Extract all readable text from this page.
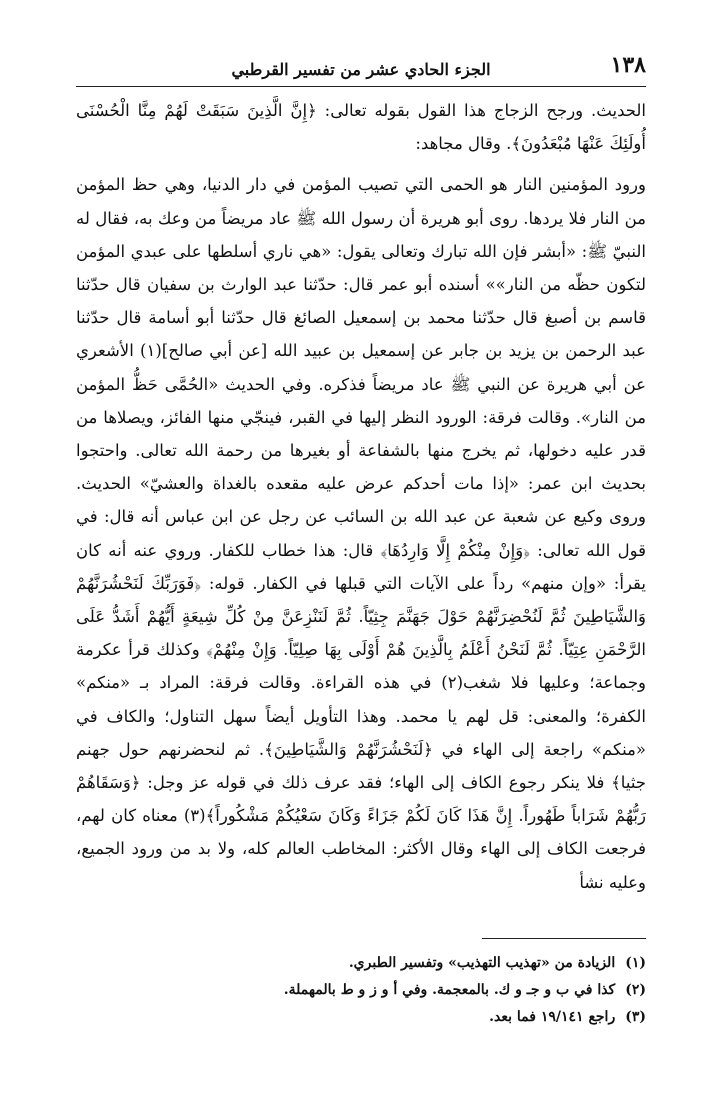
١٣٨
الجزء الحادي عشر من تفسير القرطبي

الحديث. ورجح الزجاج هذا القول بقوله تعالى: ﴿إِنَّ الَّذِينَ سَبَقَتْ لَهُمْ مِنَّا الْحُسْنَى أُولَئِكَ عَنْهَا مُبْعَدُونَ﴾. وقال مجاهد:

ورود المؤمنين النار هو الحمى التي تصيب المؤمن في دار الدنيا، وهي حظ المؤمن من النار فلا يردها. روى أبو هريرة أن رسول الله ﷺ عاد مريضاً من وعك به، فقال له النبيّ ﷺ: «أبشر فإن الله تبارك وتعالى يقول: «هي ناري أسلطها على عبدي المؤمن لتكون حظّه من النار»» أسنده أبو عمر قال: حدّثنا عبد الوارث بن سفيان قال حدّثنا قاسم بن أصبغ قال حدّثنا محمد بن إسمعيل الصائغ قال حدّثنا أبو أسامة قال حدّثنا عبد الرحمن بن يزيد بن جابر عن إسمعيل بن عبيد الله [عن أبي صالح](١) الأشعري عن أبي هريرة عن النبي ﷺ عاد مريضاً فذكره. وفي الحديث «الحُمَّى حَظُّ المؤمن من النار». وقالت فرقة: الورود النظر إليها في القبر، فينجّي منها الفائز، ويصلاها من قدر عليه دخولها، ثم يخرج منها بالشفاعة أو بغيرها من رحمة الله تعالى. واحتجوا بحديث ابن عمر: «إذا مات أحدكم عرض عليه مقعده بالغداة والعشيّ» الحديث. وروى وكيع عن شعبة عن عبد الله بن السائب عن رجل عن ابن عباس أنه قال: في قول الله تعالى: ﴿وَإِنْ مِنْكُمْ إِلَّا وَارِدُهَا﴾ قال: هذا خطاب للكفار. وروي عنه أنه كان يقرأ: «وإن منهم» رداً على الآيات التي قبلها في الكفار. قوله: ﴿فَوَرَبِّكَ لَنَحْشُرَنَّهُمْ وَالشَّيَاطِينَ ثُمَّ لَنُحْضِرَنَّهُمْ حَوْلَ جَهَنَّمَ جِثِيّاً. ثُمَّ لَنَنْزِعَنَّ مِنْ كُلِّ شِيعَةٍ أَيُّهُمْ أَشَدُّ عَلَى الرَّحْمَنِ عِتِيّاً. ثُمَّ لَنَحْنُ أَعْلَمُ بِالَّذِينَ هُمْ أَوْلَى بِهَا صِلِيّاً. وَإِنْ مِنْهُمْ﴾ وكذلك قرأ عكرمة وجماعة؛ وعليها فلا شغب(٢) في هذه القراءة. وقالت فرقة: المراد بـ «منكم» الكفرة؛ والمعنى: قل لهم يا محمد. وهذا التأويل أيضاً سهل التناول؛ والكاف في «منكم» راجعة إلى الهاء في ﴿لَنَحْشُرَنَّهُمْ وَالشَّيَاطِينَ﴾. ثم لنحضرنهم حول جهنم جثيا﴾ فلا ينكر رجوع الكاف إلى الهاء؛ فقد عرف ذلك في قوله عز وجل: ﴿وَسَقَاهُمْ رَبُّهُمْ شَرَاباً طَهُوراً. إِنَّ هَذَا كَانَ لَكُمْ جَزَاءً وَكَانَ سَعْيُكُمْ مَشْكُوراً﴾(٣) معناه كان لهم، فرجعت الكاف إلى الهاء وقال الأكثر: المخاطب العالم كله، ولا بد من ورود الجميع، وعليه نشأ

(١)الزيادة من «تهذيب التهذيب» وتفسير الطبري.
(٢)كذا في ب و جـ و ك. بالمعجمة. وفي أ و ز و ط بالمهملة.
(٣)راجع ١٩/١٤١ فما بعد.
